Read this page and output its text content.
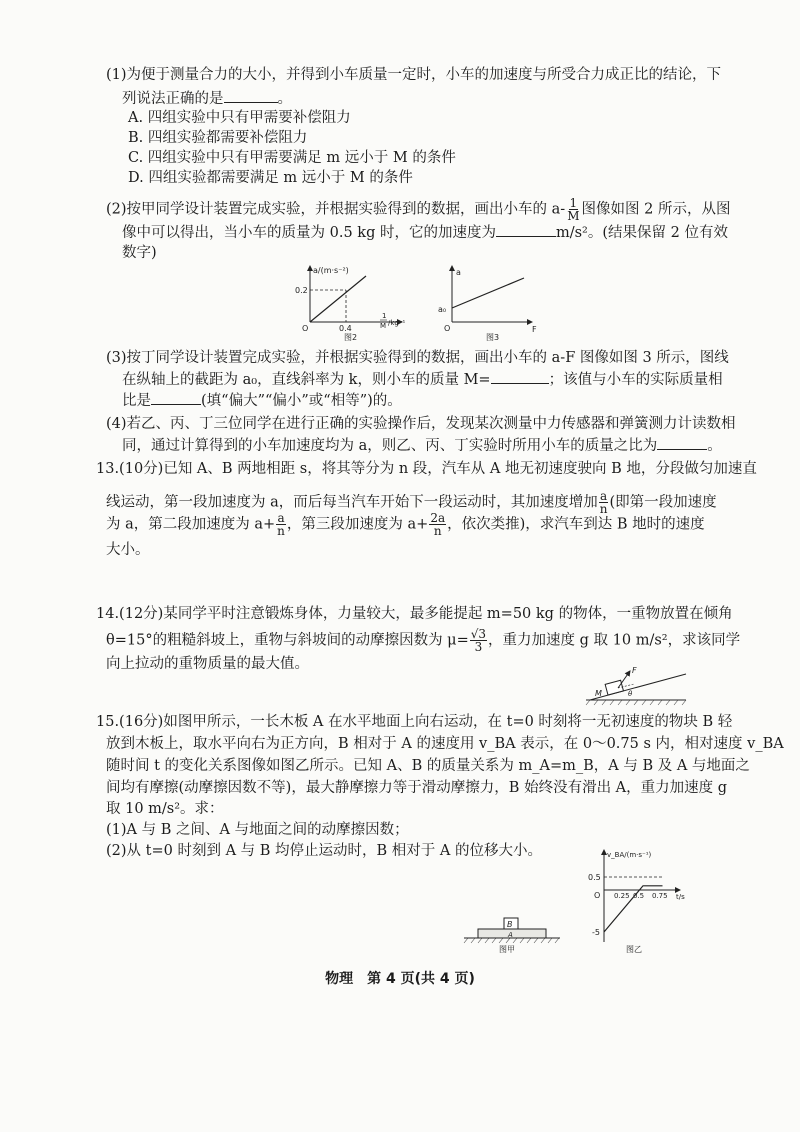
(1)为便于测量合力的大小，并得到小车质量一定时，小车的加速度与所受合力成正比的结论，下
列说法正确的是	。
A. 四组实验中只有甲需要补偿阻力
B. 四组实验都需要补偿阻力
C. 四组实验中只有甲需要满足 m 远小于 M 的条件
D. 四组实验都需要满足 m 远小于 M 的条件
(2)按甲同学设计装置完成实验，并根据实验得到的数据，画出小车的 $a- \frac{1}{M}$ 图像如图 2 所示，从图
像中可以得出，当小车的质量为 0.5 kg 时，它的加速度为	m/s²。(结果保留 2 位有效
数字)
a/(m·s⁻²)
0.2
O	0.4
1
M /kg⁻¹
图2
a
a₀
O	F
图3
(3)按丁同学设计装置完成实验，并根据实验得到的数据，画出小车的 a-F 图像如图 3 所示，图线
在纵轴上的截距为 a₀，直线斜率为 k，则小车的质量 M=	；该值与小车的实际质量相
比是	(填“偏大”“偏小”或“相等”)的。
(4)若乙、丙、丁三位同学在进行正确的实验操作后，发现某次测量中力传感器和弹簧测力计读数相
同，通过计算得到的小车加速度均为 a，则乙、丙、丁实验时所用小车的质量之比为	。
13.(10分)已知 A、B 两地相距 s，将其等分为 n 段，汽车从 A 地无初速度驶向 B 地，分段做匀加速直
线运动，第一段加速度为 a，而后每当汽车开始下一段运动时，其加速度增加 $\frac{a}{n}$ (即第一段加速度
为 a，第二段加速度为 $a+ \frac{a}{n}$ ，第三段加速度为 $a+ \frac{2a}{n}$ ，依次类推)，求汽车到达 B 地时的速度
大小。
14.(12分)某同学平时注意锻炼身体，力量较大，最多能提起 m=50 kg 的物体，一重物放置在倾角
θ=15°的粗糙斜坡上，重物与斜坡间的动摩擦因数为 $\mu= \frac{√3}{3}$ ，重力加速度 g 取 10 m/s²，求该同学
向上拉动的重物质量的最大值。	F
M	θ
15.(16分)如图甲所示，一长木板 A 在水平地面上向右运动，在 t=0 时刻将一无初速度的物块 B 轻
放到木板上，取水平向右为正方向，B 相对于 A 的速度用 v_BA 表示，在 0～0.75 s 内，相对速度 v_BA
随时间 t 的变化关系图像如图乙所示。已知 A、B 的质量关系为 m_A=m_B，A 与 B 及 A 与地面之
间均有摩擦(动摩擦因数不等)，最大静摩擦力等于滑动摩擦力，B 始终没有滑出 A，重力加速度 g
取 10 m/s²。求：
(1)A 与 B 之间、A 与地面之间的动摩擦因数；
(2)从 t=0 时刻到 A 与 B 均停止运动时，B 相对于 A 的位移大小。
B
A
图甲
v_BA/(m·s⁻¹)
0.5
-5
O 0.25 0.5 0.75 t/s
图乙
物理　第 4 页(共 4 页)
